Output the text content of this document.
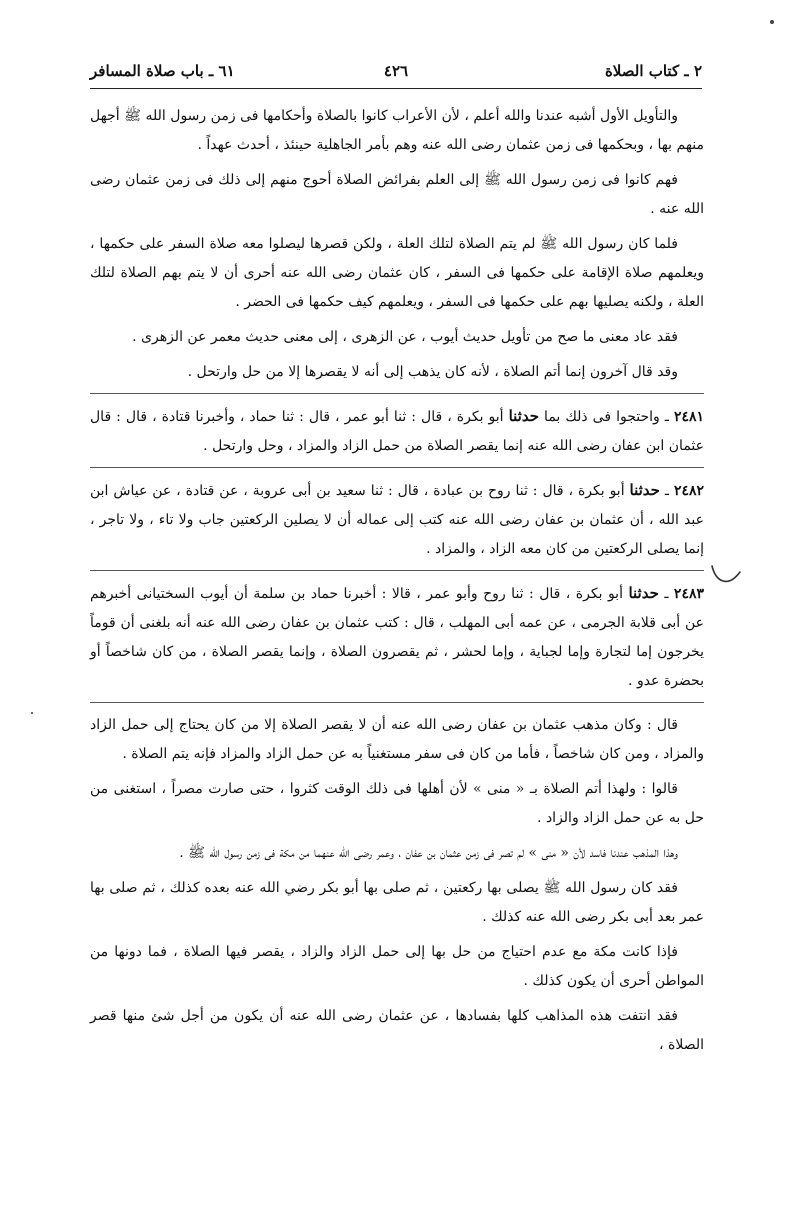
٢ ـ كتاب الصلاة
٤٢٦
٦١ ـ باب صلاة المسافر

والتأويل الأول أشبه عندنا والله أعلم ، لأن الأعراب كانوا بالصلاة وأحكامها فى زمن رسول الله ﷺ أجهل منهم بها ، وبحكمها فى زمن عثمان رضى الله عنه وهم بأمر الجاهلية حينئذ ، أحدث عهداً .

فهم كانوا فى زمن رسول الله ﷺ إلى العلم بفرائض الصلاة أحوج منهم إلى ذلك فى زمن عثمان رضى الله عنه .

فلما كان رسول الله ﷺ لم يتم الصلاة لتلك العلة ، ولكن قصرها ليصلوا معه صلاة السفر على حكمها ، ويعلمهم صلاة الإقامة على حكمها فى السفر ، كان عثمان رضى الله عنه أحرى أن لا يتم بهم الصلاة لتلك العلة ، ولكنه يصليها بهم على حكمها فى السفر ، ويعلمهم كيف حكمها فى الحضر .

فقد عاد معنى ما صح من تأويل حديث أيوب ، عن الزهرى ، إلى معنى حديث معمر عن الزهرى .

وقد قال آخرون إنما أتم الصلاة ، لأنه كان يذهب إلى أنه لا يقصرها إلا من حل وارتحل .

٢٤٨١ ـ واحتجوا فى ذلك بما حدثنا أبو بكرة ، قال : ثنا أبو عمر ، قال : ثنا حماد ، وأخبرنا قتادة ، قال : قال عثمان ابن عفان رضى الله عنه إنما يقصر الصلاة من حمل الزاد والمزاد ، وحل وارتحل .

٢٤٨٢ ـ حدثنا أبو بكرة ، قال : ثنا روح بن عبادة ، قال : ثنا سعيد بن أبى عروبة ، عن قتادة ، عن عياش ابن عبد الله ، أن عثمان بن عفان رضى الله عنه كتب إلى عماله أن لا يصلين الركعتين جاب ولا تاء ، ولا تاجر ، إنما يصلى الركعتين من كان معه الزاد ، والمزاد .

٢٤٨٣ ـ حدثنا أبو بكرة ، قال : ثنا روح وأبو عمر ، قالا : أخبرنا حماد بن سلمة أن أيوب السختيانى أخبرهم عن أبى قلابة الجرمى ، عن عمه أبى المهلب ، قال : كتب عثمان بن عفان رضى الله عنه أنه بلغنى أن قوماً يخرجون إما لتجارة وإما لجباية ، وإما لحشر ، ثم يقصرون الصلاة ، وإنما يقصر الصلاة ، من كان شاخصاً أو بحضرة عدو .

قال : وكان مذهب عثمان بن عفان رضى الله عنه أن لا يقصر الصلاة إلا من كان يحتاج إلى حمل الزاد والمزاد ، ومن كان شاخصاً ، فأما من كان فى سفر مستغنياً به عن حمل الزاد والمزاد فإنه يتم الصلاة .

قالوا : ولهذا أتم الصلاة بـ « منى » لأن أهلها فى ذلك الوقت كثروا ، حتى صارت مصراً ، استغنى من حل به عن حمل الزاد والزاد .

وهذا المذهب عندنا فاسد لأن « منى » لم تصر فى زمن عثمان بن عفان ، وعمر رضى الله عنهما من مكة فى زمن رسول الله ﷺ .

فقد كان رسول الله ﷺ يصلى بها ركعتين ، ثم صلى بها أبو بكر رضي الله عنه بعده كذلك ، ثم صلى بها عمر بعد أبى بكر رضى الله عنه كذلك .

فإذا كانت مكة مع عدم احتياج من حل بها إلى حمل الزاد والزاد ، يقصر فيها الصلاة ، فما دونها من المواطن أحرى أن يكون كذلك .

فقد انتفت هذه المذاهب كلها بفسادها ، عن عثمان رضى الله عنه أن يكون من أجل شئ منها قصر الصلاة ،
